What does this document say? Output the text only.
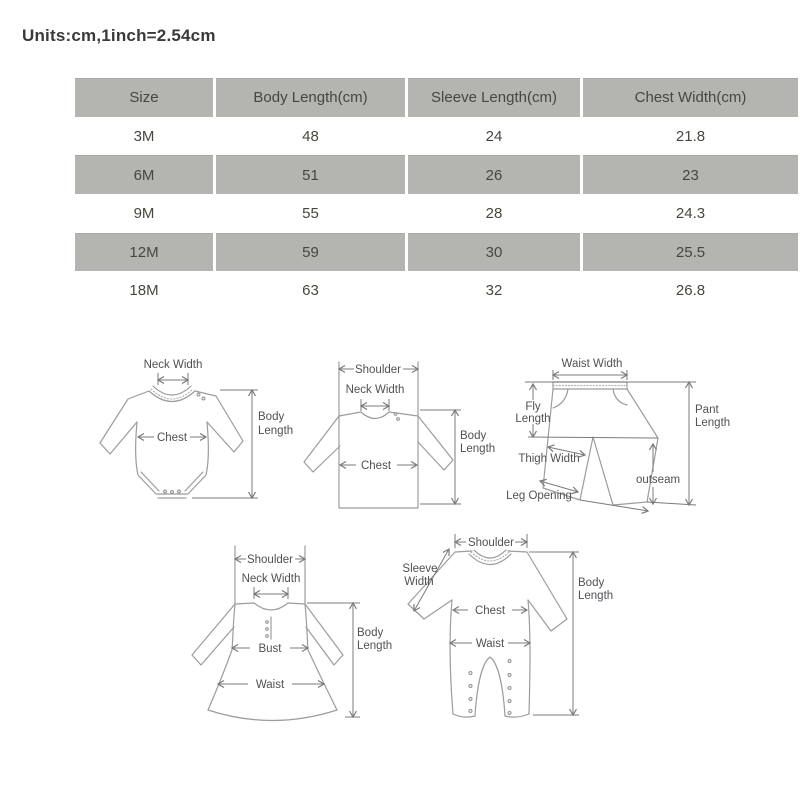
Units:cm,1inch=2.54cm
Size	Body Length(cm)	Sleeve Length(cm)	Chest Width(cm)
3M	48	24	21.8
6M	51	26	23
9M	55	28	24.3
12M	59	30	25.5
18M	63	32	26.8
Neck Width
Chest
Body
Length
Shoulder
Neck Width
Chest
Body
Length
Waist Width
Fly
Length
Thigh Width
Leg Opening
outseam
Pant
Length
Shoulder
Neck Width
Bust
Waist
Body
Length
Shoulder
Sleeve
Width
Chest
Waist
Body
Length
